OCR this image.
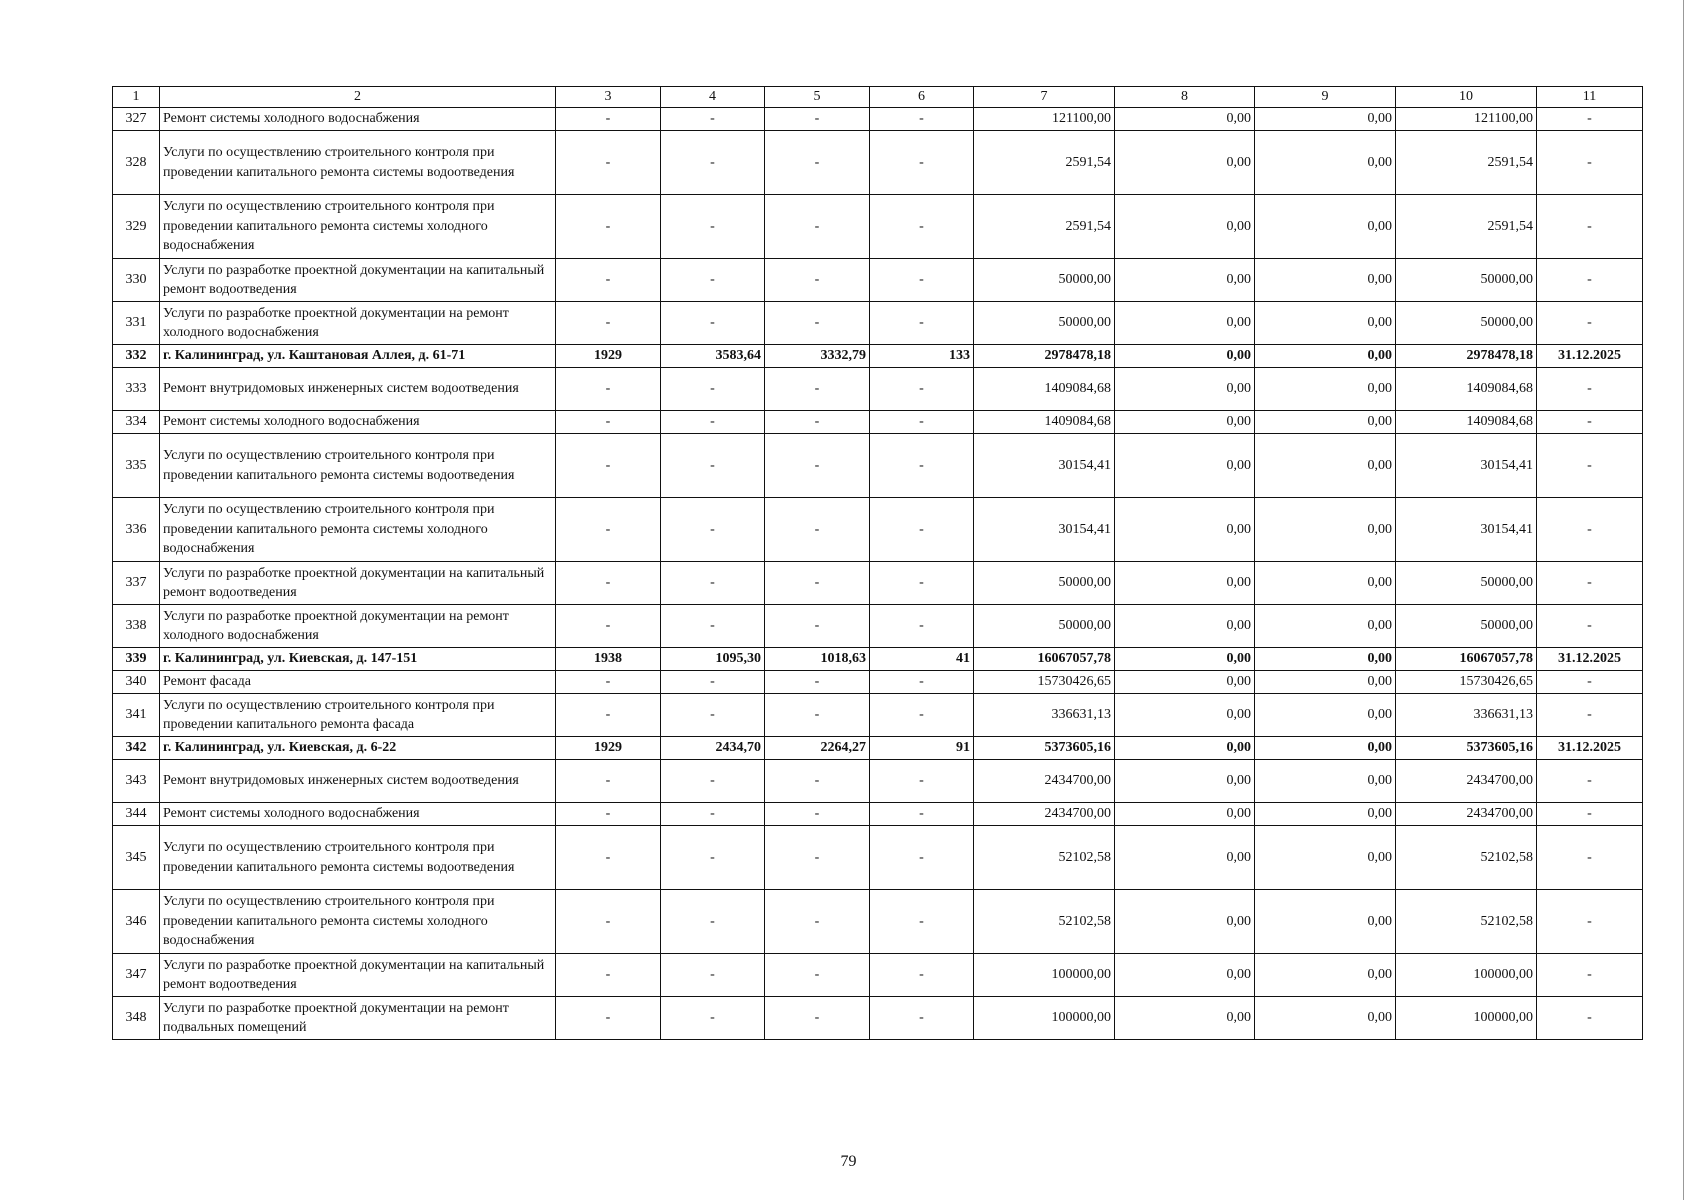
1	2	3	4	5	6	7	8	9	10	11
327	Ремонт системы холодного водоснабжения	-	-	-	-	121100,00	0,00	0,00	121100,00	-
328	Услуги по осуществлению строительного контроля при проведении капитального ремонта системы водоотведения	-	-	-	-	2591,54	0,00	0,00	2591,54	-
329	Услуги по осуществлению строительного контроля при проведении капитального ремонта системы холодного водоснабжения	-	-	-	-	2591,54	0,00	0,00	2591,54	-
330	Услуги по разработке проектной документации на капитальный ремонт водоотведения	-	-	-	-	50000,00	0,00	0,00	50000,00	-
331	Услуги по разработке проектной документации на ремонт холодного водоснабжения	-	-	-	-	50000,00	0,00	0,00	50000,00	-
332	г. Калининград, ул. Каштановая Аллея, д. 61-71	1929	3583,64	3332,79	133	2978478,18	0,00	0,00	2978478,18	31.12.2025
333	Ремонт внутридомовых инженерных систем водоотведения	-	-	-	-	1409084,68	0,00	0,00	1409084,68	-
334	Ремонт системы холодного водоснабжения	-	-	-	-	1409084,68	0,00	0,00	1409084,68	-
335	Услуги по осуществлению строительного контроля при проведении капитального ремонта системы водоотведения	-	-	-	-	30154,41	0,00	0,00	30154,41	-
336	Услуги по осуществлению строительного контроля при проведении капитального ремонта системы холодного водоснабжения	-	-	-	-	30154,41	0,00	0,00	30154,41	-
337	Услуги по разработке проектной документации на капитальный ремонт водоотведения	-	-	-	-	50000,00	0,00	0,00	50000,00	-
338	Услуги по разработке проектной документации на ремонт холодного водоснабжения	-	-	-	-	50000,00	0,00	0,00	50000,00	-
339	г. Калининград, ул. Киевская, д. 147-151	1938	1095,30	1018,63	41	16067057,78	0,00	0,00	16067057,78	31.12.2025
340	Ремонт фасада	-	-	-	-	15730426,65	0,00	0,00	15730426,65	-
341	Услуги по осуществлению строительного контроля при проведении капитального ремонта фасада	-	-	-	-	336631,13	0,00	0,00	336631,13	-
342	г. Калининград, ул. Киевская, д. 6-22	1929	2434,70	2264,27	91	5373605,16	0,00	0,00	5373605,16	31.12.2025
343	Ремонт внутридомовых инженерных систем водоотведения	-	-	-	-	2434700,00	0,00	0,00	2434700,00	-
344	Ремонт системы холодного водоснабжения	-	-	-	-	2434700,00	0,00	0,00	2434700,00	-
345	Услуги по осуществлению строительного контроля при проведении капитального ремонта системы водоотведения	-	-	-	-	52102,58	0,00	0,00	52102,58	-
346	Услуги по осуществлению строительного контроля при проведении капитального ремонта системы холодного водоснабжения	-	-	-	-	52102,58	0,00	0,00	52102,58	-
347	Услуги по разработке проектной документации на капитальный ремонт водоотведения	-	-	-	-	100000,00	0,00	0,00	100000,00	-
348	Услуги по разработке проектной документации на ремонт подвальных помещений	-	-	-	-	100000,00	0,00	0,00	100000,00	-
79
